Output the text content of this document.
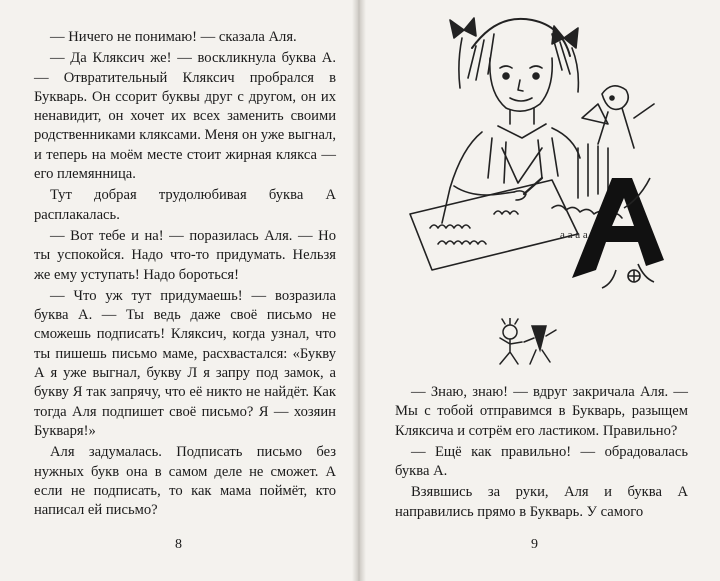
— Ничего не понимаю! — сказала Аля.

— Да Кляксич же! — воскликнула буква А. — Отвратительный Кляксич пробрался в Букварь. Он ссорит буквы друг с другом, он их ненавидит, он хочет их всех заменить своими родственниками кляксами. Меня он уже выгнал, и теперь на моём месте стоит жирная клякса — его племянница.

Тут добрая трудолюбивая буква А расплакалась.

— Вот тебе и на! — поразилась Аля. — Но ты успокойся. Надо что-то придумать. Нельзя же ему уступать! Надо бороться!

— Что уж тут придумаешь! — возразила буква А. — Ты ведь даже своё письмо не сможешь подписать! Кляксич, когда узнал, что ты пишешь письмо маме, расхвастался: «Букву А я уже выгнал, букву Л я запру под замок, а букву Я так запрячу, что её никто не найдёт. Как тогда Аля подпишет своё письмо? Я — хозяин Букваря!»

Аля задумалась. Подписать письмо без нужных букв она в самом деле не сможет. А если не подписать, то как мама поймёт, кто написал ей письмо?

8	9
а а а а

— Знаю, знаю! — вдруг закричала Аля. — Мы с тобой отправимся в Букварь, разыщем Кляксича и сотрём его ластиком. Правильно?

— Ещё как правильно! — обрадовалась буква А.

Взявшись за руки, Аля и буква А направились прямо в Букварь. У самого
